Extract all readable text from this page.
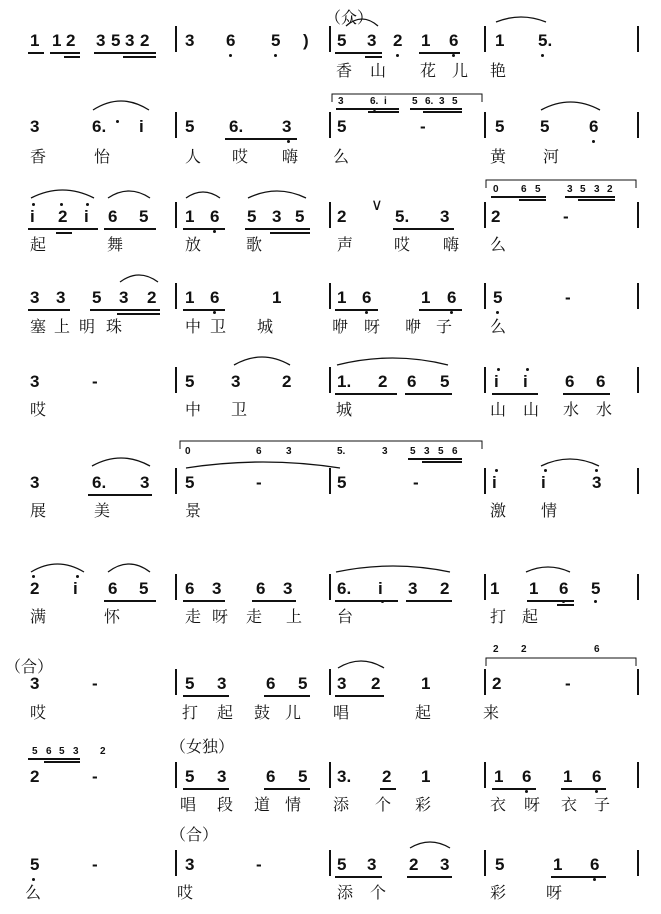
1 1 2 3 5 3 2 3 6 5 ) 5 3 2 1 6 1 5.
（众）
香 山 花 儿 艳
3	6. i 5 6. 3	5	-	5 5 6
3	6. i	5 6. 3 5
香	怡	人 哎 嗨 么	黄 河
i 2 i 6 5 1 6 5 3 5 2	5. 3 2	-
∨
0 6 5	3 5 3 2
起	舞	放	歌	声	哎 嗨 么
3 3 5 3 2 1 6	1	1 6	1 6 5	-
塞 上 明 珠	中 卫 城	咿 呀 咿 子 么
3	-	5 3 2	1. 2 6 5	i i 6 6
哎	中 卫	城	山 山 水 水
3	6. 3 5	-	5	-	i	i	3
0	6 3	5.	3 5 3 5 6
展	美	景	激 情
2 i 6 5 6 3 6 3	6. i 3 2 1 1 6 5
满	怀	走 呀 走 上 台	打 起
（合）
3	-	5 3 6 5 3 2 1	2	-
2 2	6
哎	打 起 鼓 儿 唱	起	来
（女独）
2	-	5 3 6 5 3. 2 1	1 6 1 6
5 6 5 3 2
唱 段 道 情 添 个 彩	衣 呀 衣 子
（合）
5	-	3	-	5 3 2 3	5	1 6
么	哎	添 个	彩 呀
